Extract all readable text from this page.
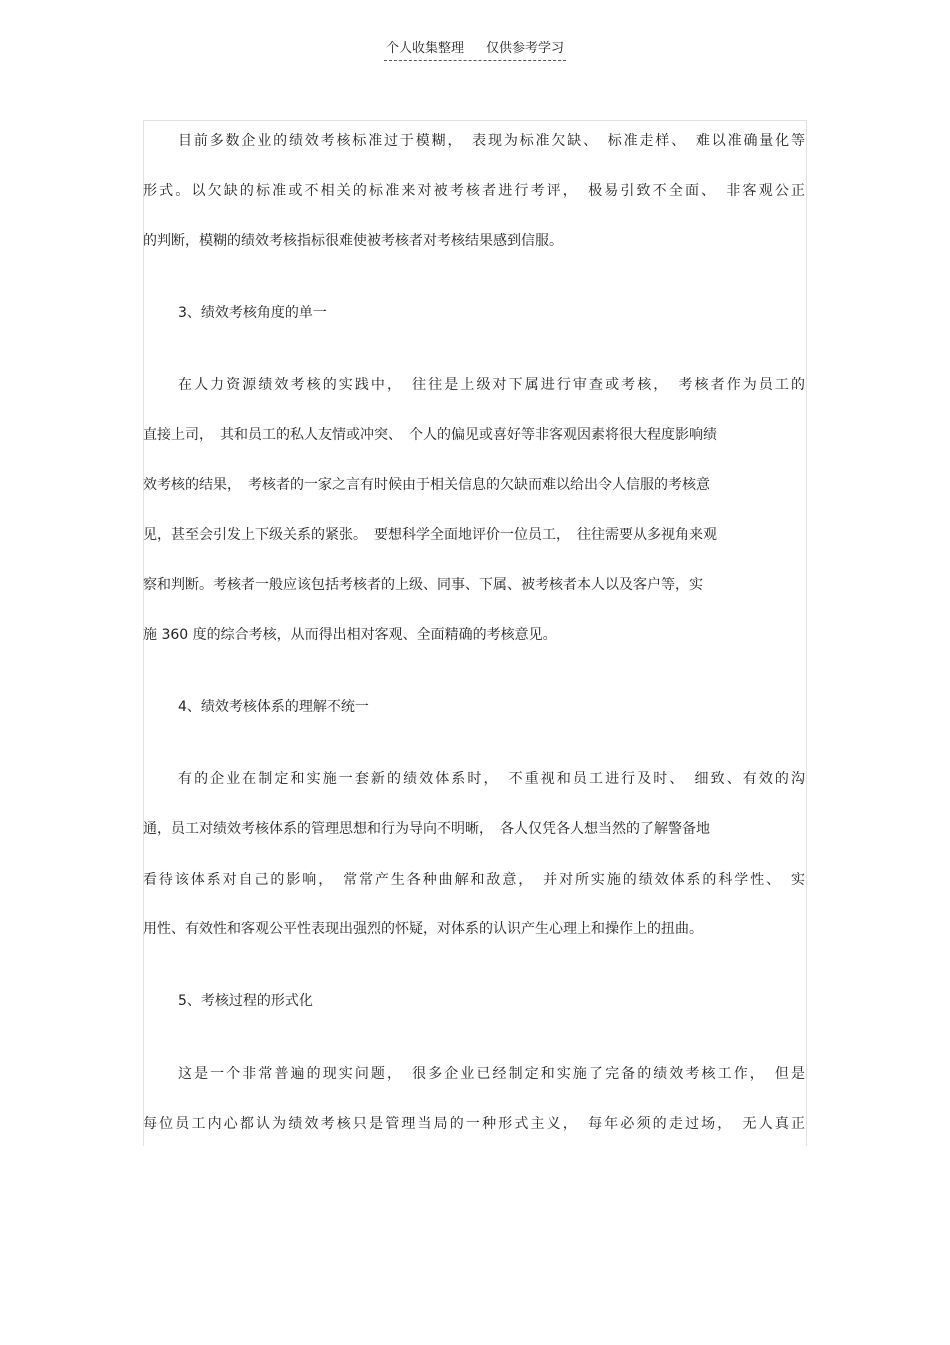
个人收集整理 仅供参考学习
目前多数企业的绩效考核标准过于模糊，　表现为标准欠缺、　标准走样、　难以准确量化等
形式。以欠缺的标准或不相关的标准来对被考核者进行考评，　极易引致不全面、　非客观公正
的判断，模糊的绩效考核指标很难使被考核者对考核结果感到信服。
3、绩效考核角度的单一
在人力资源绩效考核的实践中，　往往是上级对下属进行审查或考核，　考核者作为员工的
直接上司，　其和员工的私人友情或冲突、　个人的偏见或喜好等非客观因素将很大程度影响绩
效考核的结果，　考核者的一家之言有时候由于相关信息的欠缺而难以给出令人信服的考核意
见，甚至会引发上下级关系的紧张。　要想科学全面地评价一位员工，　往往需要从多视角来观
察和判断。考核者一般应该包括考核者的上级、同事、下属、被考核者本人以及客户等，实
施 360 度的综合考核，从而得出相对客观、全面精确的考核意见。
4、绩效考核体系的理解不统一
有的企业在制定和实施一套新的绩效体系时，　不重视和员工进行及时、　细致、有效的沟
通，员工对绩效考核体系的管理思想和行为导向不明晰，　各人仅凭各人想当然的了解警备地
看待该体系对自己的影响，　常常产生各种曲解和敌意，　并对所实施的绩效体系的科学性、　实
用性、有效性和客观公平性表现出强烈的怀疑，对体系的认识产生心理上和操作上的扭曲。
5、考核过程的形式化
这是一个非常普遍的现实问题，　很多企业已经制定和实施了完备的绩效考核工作，　但是
每位员工内心都认为绩效考核只是管理当局的一种形式主义，　每年必须的走过场，　无人真正
